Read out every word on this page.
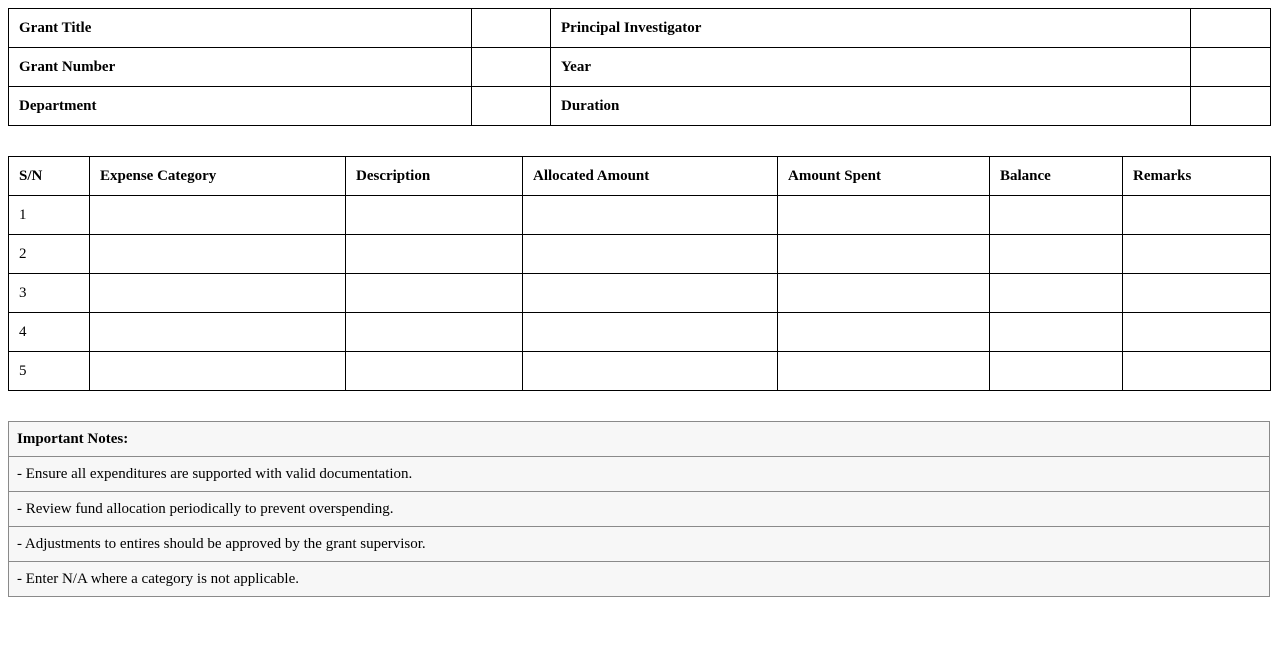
Grant Title		Principal Investigator	
Grant Number		Year	
Department		Duration	
S/N	Expense Category	Description	Allocated Amount	Amount Spent	Balance	Remarks
1						
2						
3						
4						
5						
Important Notes:
- Ensure all expenditures are supported with valid documentation.
- Review fund allocation periodically to prevent overspending.
- Adjustments to entires should be approved by the grant supervisor.
- Enter N/A where a category is not applicable.
